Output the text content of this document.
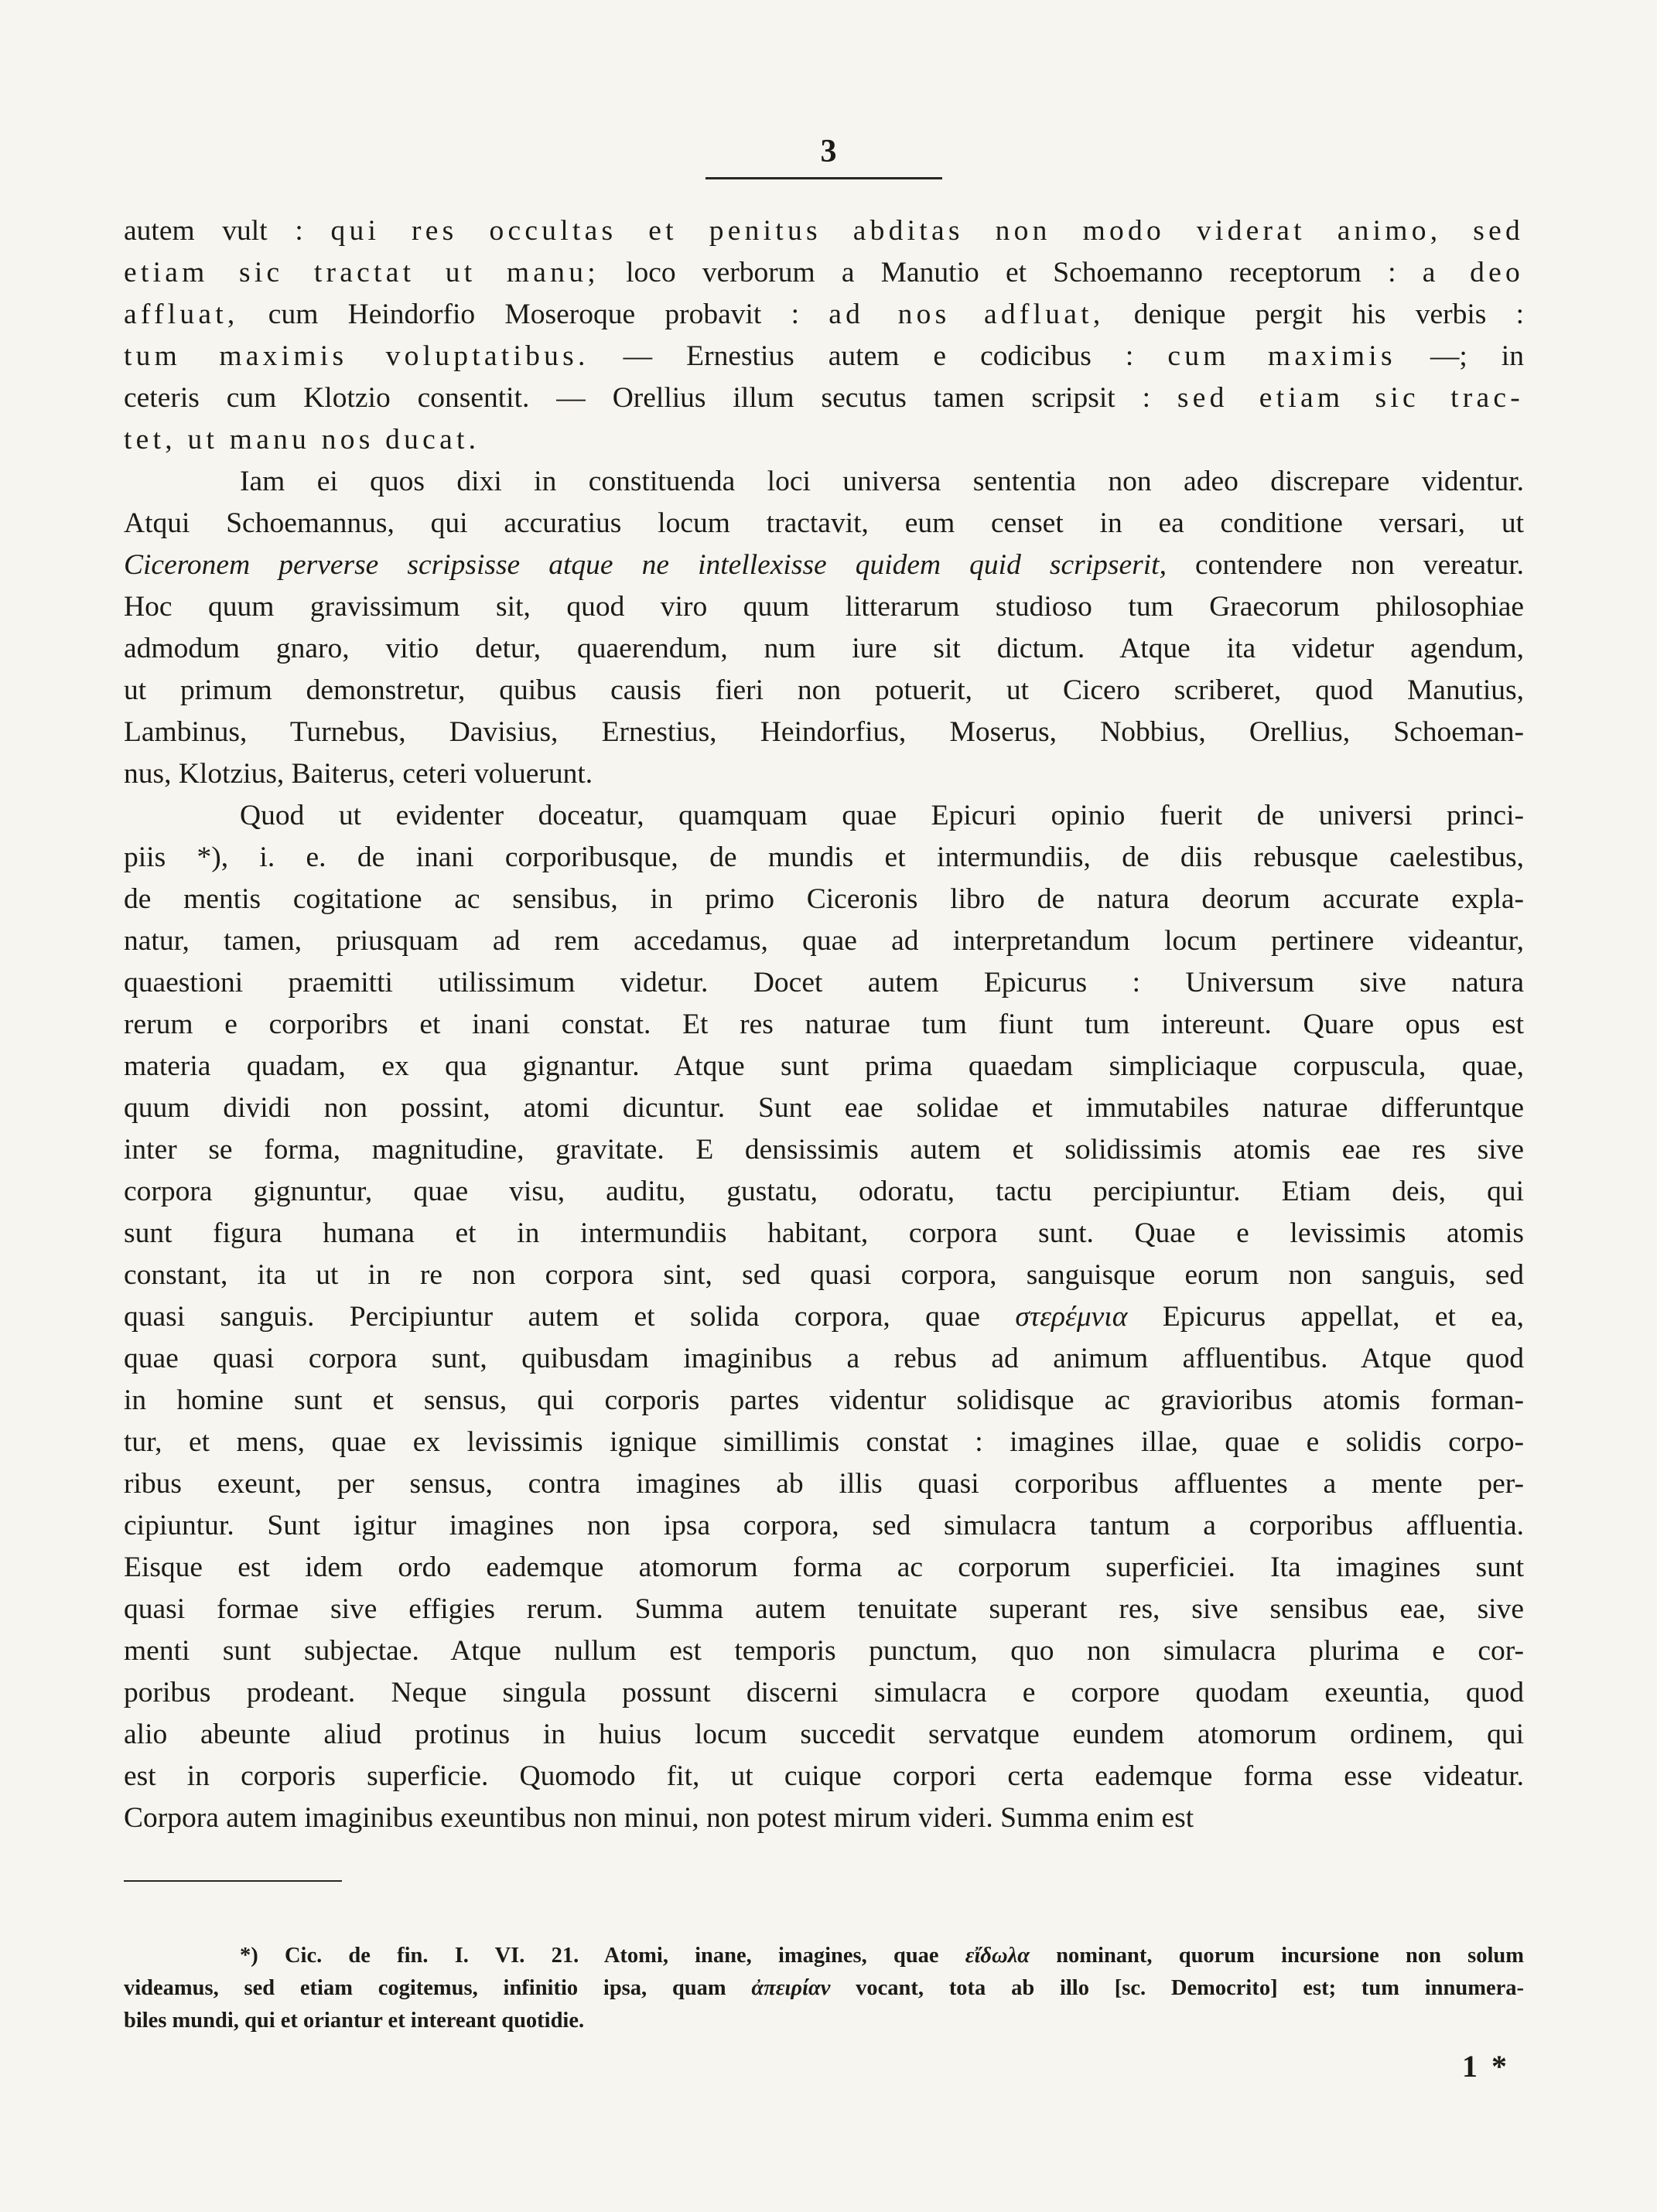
3
autem vult : qui res occultas et penitus abditas non modo viderat animo, sed
etiam sic tractat ut manu; loco verborum a Manutio et Schoemanno receptorum : a deo
affluat, cum Heindorfio Moseroque probavit : ad nos adfluat, denique pergit his verbis :
tum maximis voluptatibus. — Ernestius autem e codicibus : cum maximis —; in
ceteris cum Klotzio consentit. — Orellius illum secutus tamen scripsit : sed etiam sic trac-
tet, ut manu nos ducat.
Iam ei quos dixi in constituenda loci universa sententia non adeo discrepare videntur.
Atqui Schoemannus, qui accuratius locum tractavit, eum censet in ea conditione versari, ut
Ciceronem perverse scripsisse atque ne intellexisse quidem quid scripserit, contendere non vereatur.
Hoc quum gravissimum sit, quod viro quum litterarum studioso tum Graecorum philosophiae
admodum gnaro, vitio detur, quaerendum, num iure sit dictum. Atque ita videtur agendum,
ut primum demonstretur, quibus causis fieri non potuerit, ut Cicero scriberet, quod Manutius,
Lambinus, Turnebus, Davisius, Ernestius, Heindorfius, Moserus, Nobbius, Orellius, Schoeman-
nus, Klotzius, Baiterus, ceteri voluerunt.
Quod ut evidenter doceatur, quamquam quae Epicuri opinio fuerit de universi princi-
piis *), i. e. de inani corporibusque, de mundis et intermundiis, de diis rebusque caelestibus,
de mentis cogitatione ac sensibus, in primo Ciceronis libro de natura deorum accurate expla-
natur, tamen, priusquam ad rem accedamus, quae ad interpretandum locum pertinere videantur,
quaestioni praemitti utilissimum videtur. Docet autem Epicurus : Universum sive natura
rerum e corporibrs et inani constat. Et res naturae tum fiunt tum intereunt. Quare opus est
materia quadam, ex qua gignantur. Atque sunt prima quaedam simpliciaque corpuscula, quae,
quum dividi non possint, atomi dicuntur. Sunt eae solidae et immutabiles naturae differuntque
inter se forma, magnitudine, gravitate. E densissimis autem et solidissimis atomis eae res sive
corpora gignuntur, quae visu, auditu, gustatu, odoratu, tactu percipiuntur. Etiam deis, qui
sunt figura humana et in intermundiis habitant, corpora sunt. Quae e levissimis atomis
constant, ita ut in re non corpora sint, sed quasi corpora, sanguisque eorum non sanguis, sed
quasi sanguis. Percipiuntur autem et solida corpora, quae στερέμνια Epicurus appellat, et ea,
quae quasi corpora sunt, quibusdam imaginibus a rebus ad animum affluentibus. Atque quod
in homine sunt et sensus, qui corporis partes videntur solidisque ac gravioribus atomis forman-
tur, et mens, quae ex levissimis ignique simillimis constat : imagines illae, quae e solidis corpo-
ribus exeunt, per sensus, contra imagines ab illis quasi corporibus affluentes a mente per-
cipiuntur. Sunt igitur imagines non ipsa corpora, sed simulacra tantum a corporibus affluentia.
Eisque est idem ordo eademque atomorum forma ac corporum superficiei. Ita imagines sunt
quasi formae sive effigies rerum. Summa autem tenuitate superant res, sive sensibus eae, sive
menti sunt subjectae. Atque nullum est temporis punctum, quo non simulacra plurima e cor-
poribus prodeant. Neque singula possunt discerni simulacra e corpore quodam exeuntia, quod
alio abeunte aliud protinus in huius locum succedit servatque eundem atomorum ordinem, qui
est in corporis superficie. Quomodo fit, ut cuique corpori certa eademque forma esse videatur.
Corpora autem imaginibus exeuntibus non minui, non potest mirum videri. Summa enim est
*) Cic. de fin. I. VI. 21. Atomi, inane, imagines, quae εἴδωλα nominant, quorum incursione non solum
videamus, sed etiam cogitemus, infinitio ipsa, quam ἀπειρίαν vocant, tota ab illo [sc. Democrito] est; tum innumera-
biles mundi, qui et oriantur et intereant quotidie.
1 *
